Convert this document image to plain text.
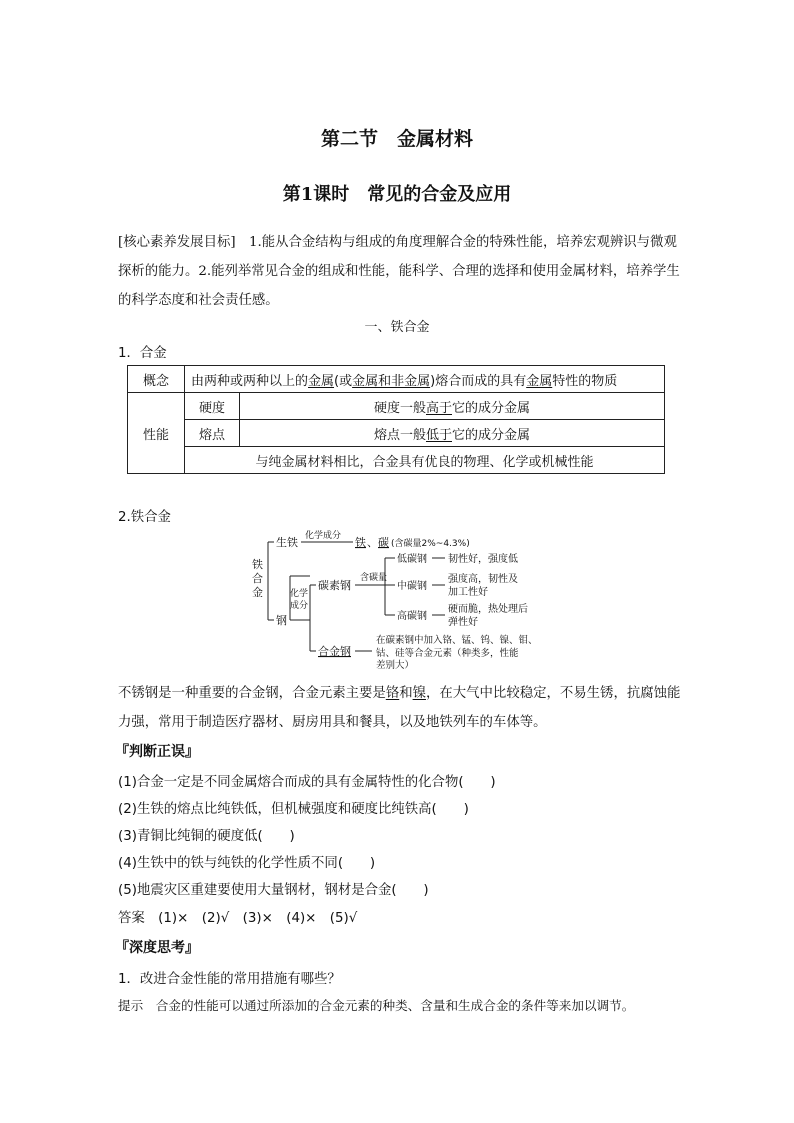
第二节　金属材料
第1课时　常见的合金及应用
[核心素养发展目标]　1.能从合金结构与组成的角度理解合金的特殊性能，培养宏观辨识与微观探析的能力。2.能列举常见合金的组成和性能，能科学、合理的选择和使用金属材料，培养学生的科学态度和社会责任感。
一、铁合金
1．合金
概念	由两种或两种以上的金属(或金属和非金属)熔合而成的具有金属特性的物质	
性能	硬度	硬度一般高于它的成分金属
	熔点	熔点一般低于它的成分金属
	与纯金属材料相比，合金具有优良的物理、化学或机械性能	
2.铁合金
铁
合
金
生铁 化学成分 铁 、 碳 (含碳量2%~4.3%)
钢
化学
成分
碳素钢
含碳量
低碳钢 韧性好，强度低
中碳钢
强度高，韧性及
加工性好
高碳钢
硬而脆，热处理后
弹性好
合金钢
在碳素钢中加入铬、锰、钨、镍、钼、
钴、硅等合金元素（种类多，性能
差别大）
不锈钢是一种重要的合金钢，合金元素主要是铬和镍，在大气中比较稳定，不易生锈，抗腐蚀能力强，常用于制造医疗器材、厨房用具和餐具，以及地铁列车的车体等。
『判断正误』
(1)合金一定是不同金属熔合而成的具有金属特性的化合物(　　)
(2)生铁的熔点比纯铁低，但机械强度和硬度比纯铁高(　　)
(3)青铜比纯铜的硬度低(　　)
(4)生铁中的铁与纯铁的化学性质不同(　　)
(5)地震灾区重建要使用大量钢材，钢材是合金(　　)
答案　(1)×　(2)√　(3)×　(4)×　(5)√
『深度思考』
1．改进合金性能的常用措施有哪些？
提示　合金的性能可以通过所添加的合金元素的种类、含量和生成合金的条件等来加以调节。
